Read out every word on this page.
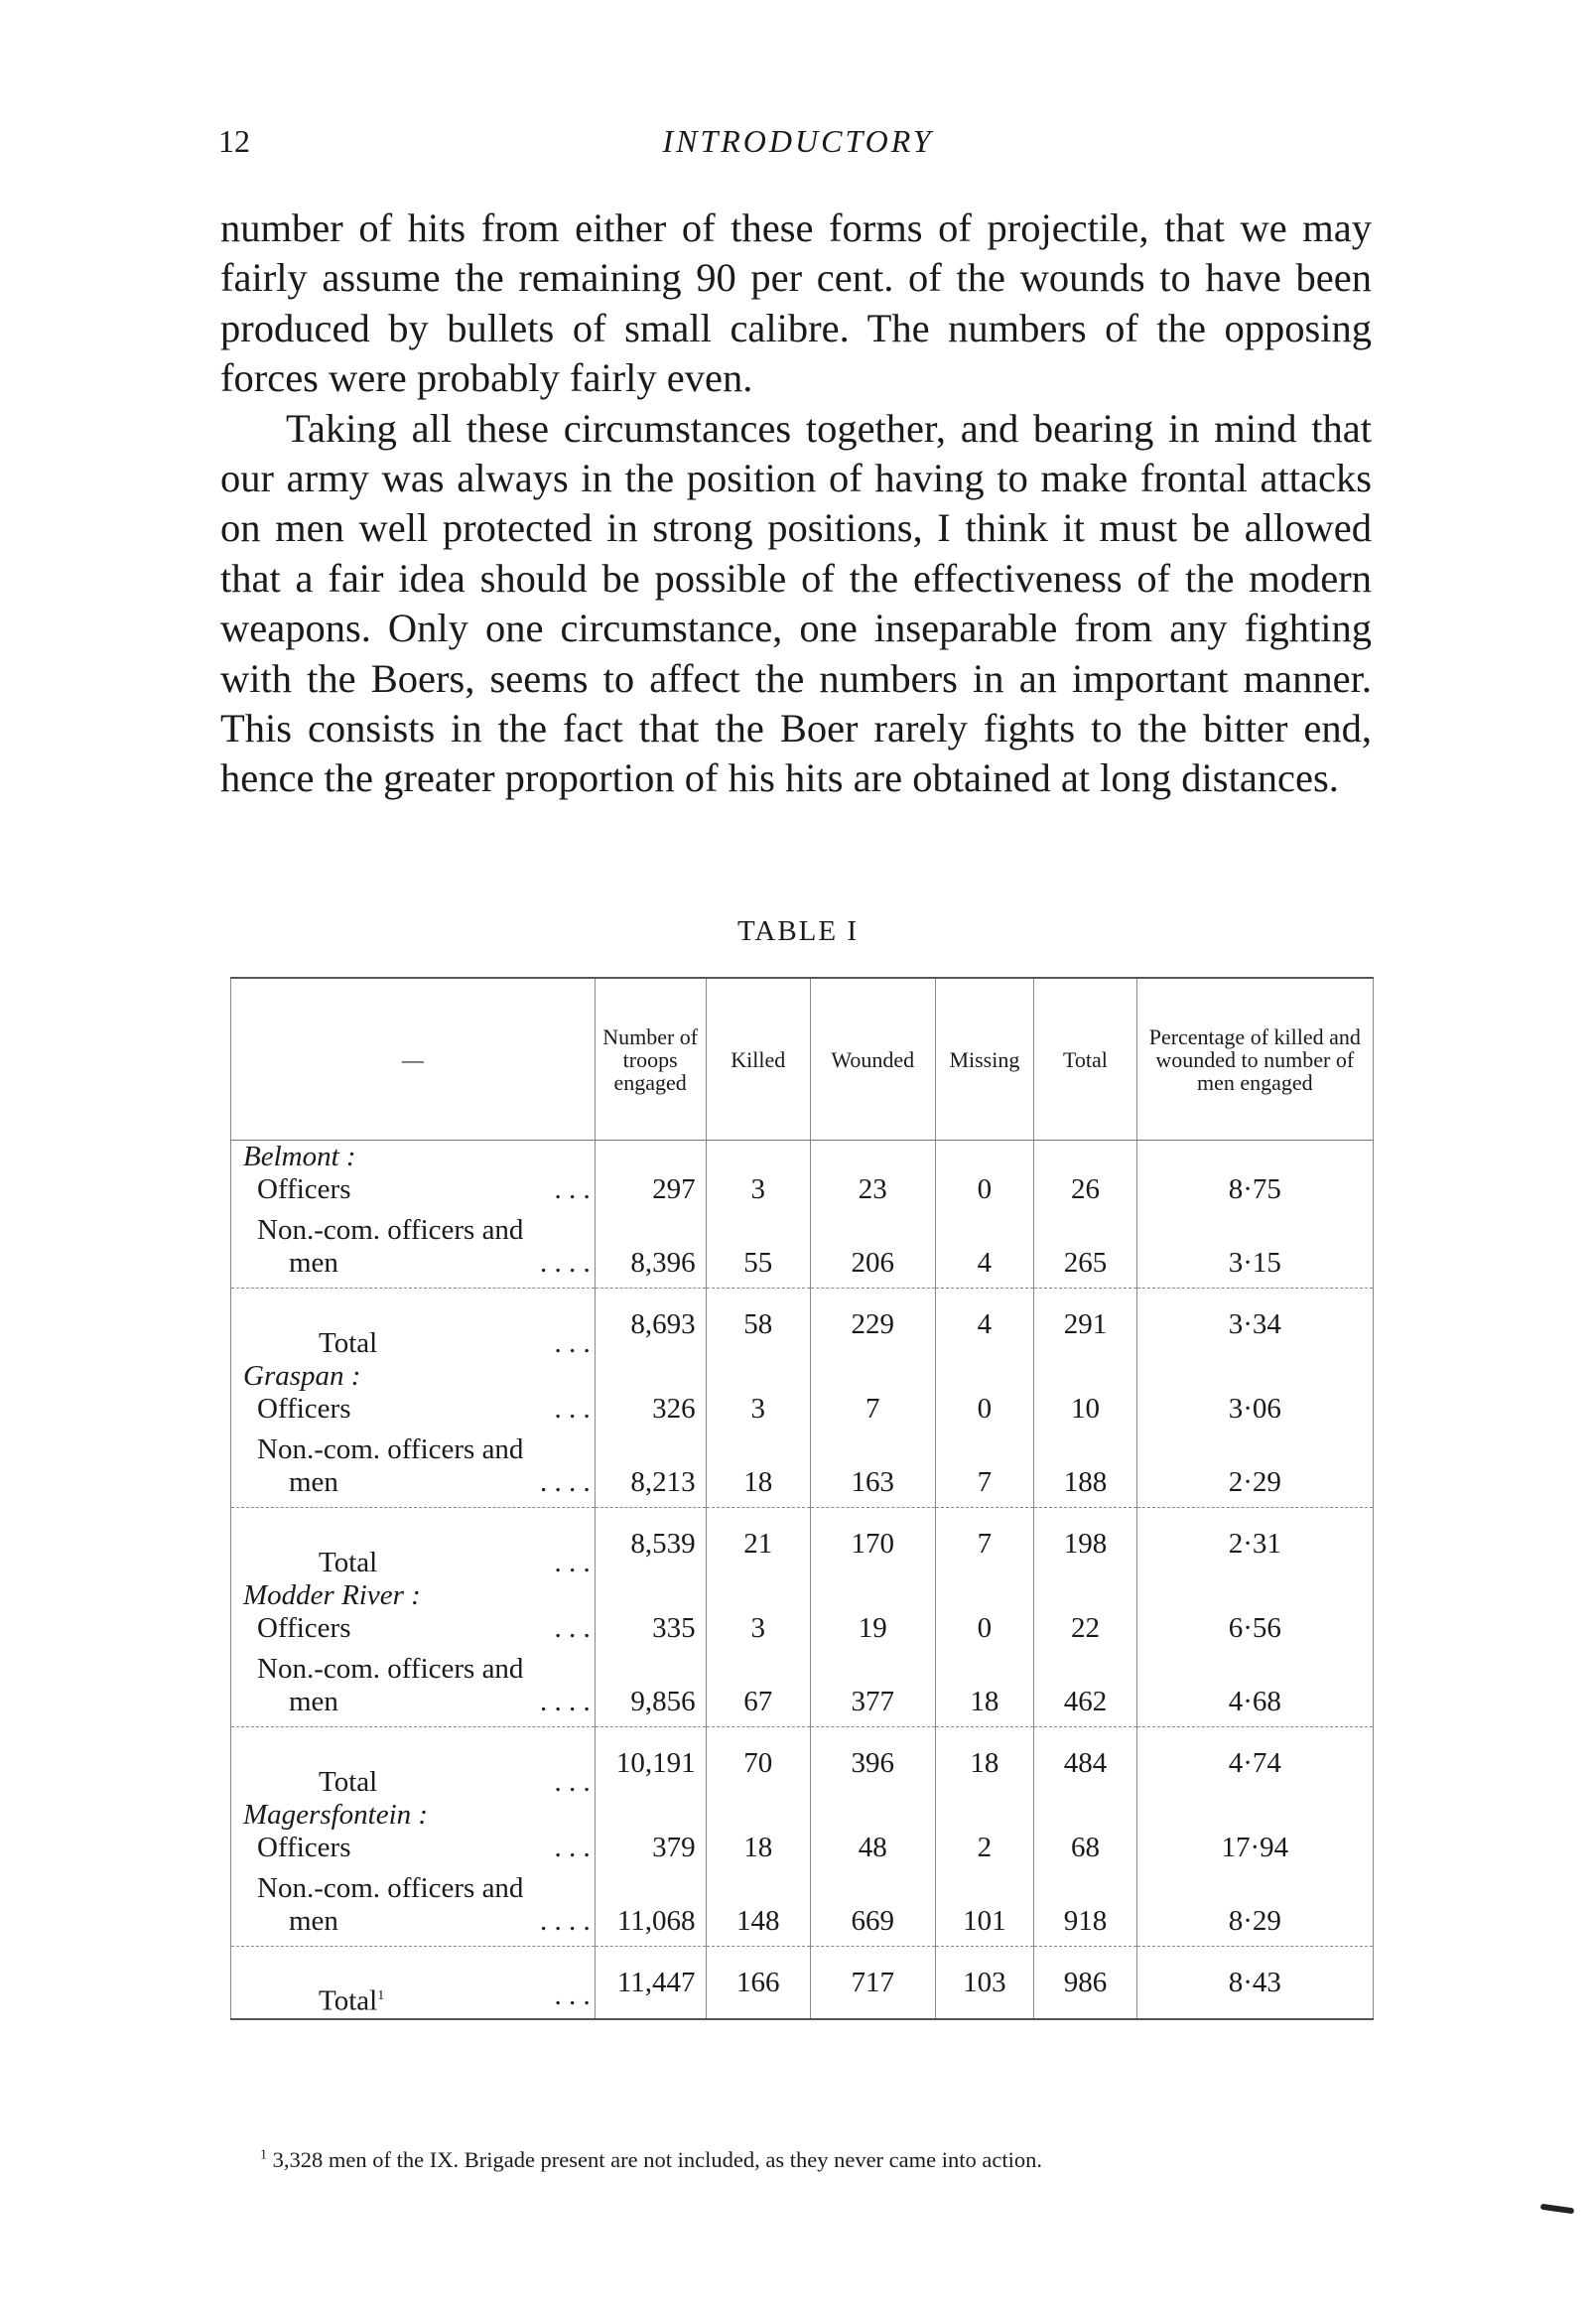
12	INTRODUCTORY

number of hits from either of these forms of projectile, that we may fairly assume the remaining 90 per cent. of the wounds to have been produced by bullets of small calibre. The numbers of the opposing forces were probably fairly even.

Taking all these circumstances together, and bearing in mind that our army was always in the position of having to make frontal attacks on men well protected in strong positions, I think it must be allowed that a fair idea should be possible of the effectiveness of the modern weapons. Only one circumstance, one inseparable from any fighting with the Boers, seems to affect the numbers in an important manner. This consists in the fact that the Boer rarely fights to the bitter end, hence the greater proportion of his hits are obtained at long distances.

TABLE I
—	Number of troops engaged	Killed	Wounded	Missing	Total	Percentage of killed and wounded to number of men engaged

Belmont :
Officers . . .	297	3	23	0	26	8·75

Non.-com. officers and
men . . . .	8,396	55	206	4	265	3·15

Total . . .	8,693	58	229	4	291	3·34

Graspan :
Officers . . .	326	3	7	0	10	3·06

Non.-com. officers and
men . . . .	8,213	18	163	7	188	2·29

Total . . .	8,539	21	170	7	198	2·31

Modder River :
Officers . . .	335	3	19	0	22	6·56

Non.-com. officers and
men . . . .	9,856	67	377	18	462	4·68

Total . . .	10,191	70	396	18	484	4·74

Magersfontein :
Officers . . .	379	18	48	2	68	17·94

Non.-com. officers and
men . . . .	11,068	148	669	101	918	8·29

Total$^1$ . . .	11,447	166	717	103	986	8·43
$^1$ 3,328 men of the IX. Brigade present are not included, as they never came into action.
